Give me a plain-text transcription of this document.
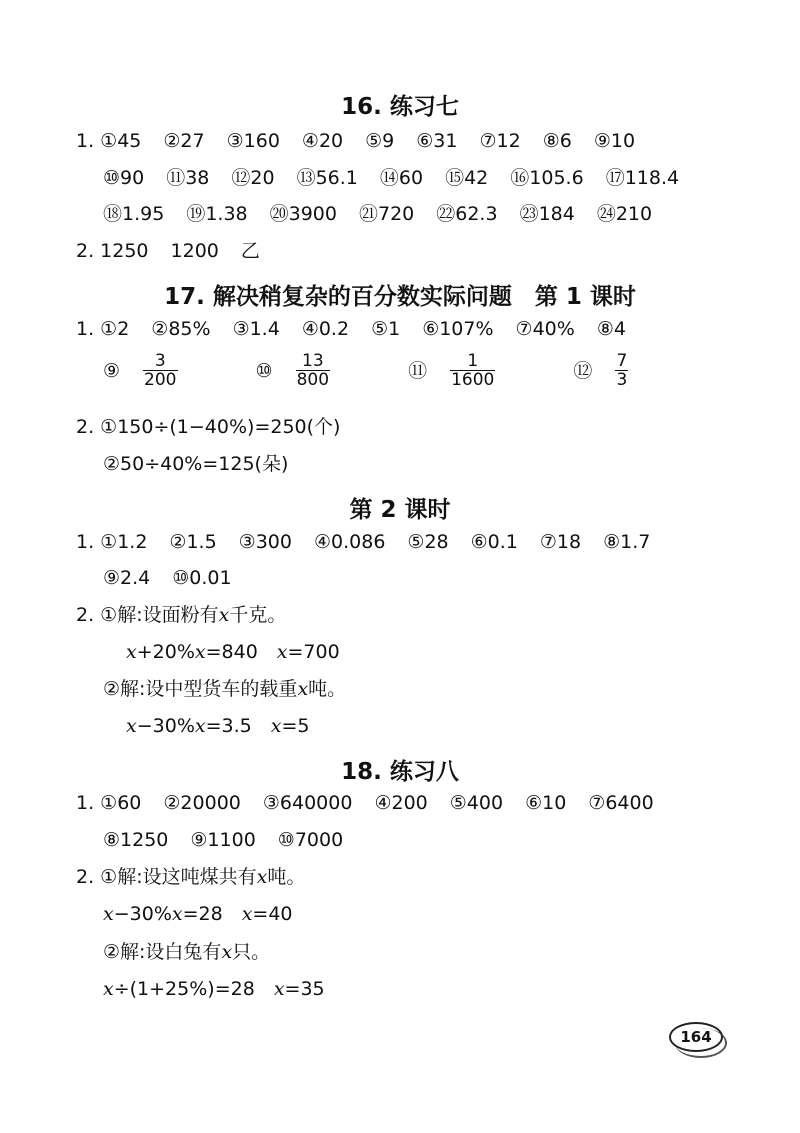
16. 练习七
1. ①45 ②27 ③160 ④20 ⑤9 ⑥31 ⑦12 ⑧6 ⑨10
⑩90 ⑪38 ⑫20 ⑬56.1 ⑭60 ⑮42 ⑯105.6 ⑰118.4
⑱1.95 ⑲1.38 ⑳3900 ㉑720 ㉒62.3 ㉓184 ㉔210
2. 1250 1200 乙
17. 解决稍复杂的百分数实际问题　第 1 课时
1. ①2 ②85% ③1.4 ④0.2 ⑤1 ⑥107% ⑦40% ⑧4
⑨ $\frac{3}{200}$
	⑩ $\frac{13}{800}$
	⑪ $\frac{1}{1600}$
	⑫ $\frac{7}{3}$
2. ①150÷(1−40%)=250(个)
②50÷40%=125(朵)
第 2 课时
1. ①1.2 ②1.5 ③300 ④0.086 ⑤28 ⑥0.1 ⑦18 ⑧1.7
⑨2.4 ⑩0.01
2. ①解:设面粉有x千克。
x+20%x=840　x=700
②解:设中型货车的载重x吨。
x−30%x=3.5　x=5
18. 练习八
1. ①60 ②20000 ③640000 ④200 ⑤400 ⑥10 ⑦6400
⑧1250 ⑨1100 ⑩7000
2. ①解:设这吨煤共有x吨。
x−30%x=28　x=40
②解:设白兔有x只。
x÷(1+25%)=28　x=35
164
